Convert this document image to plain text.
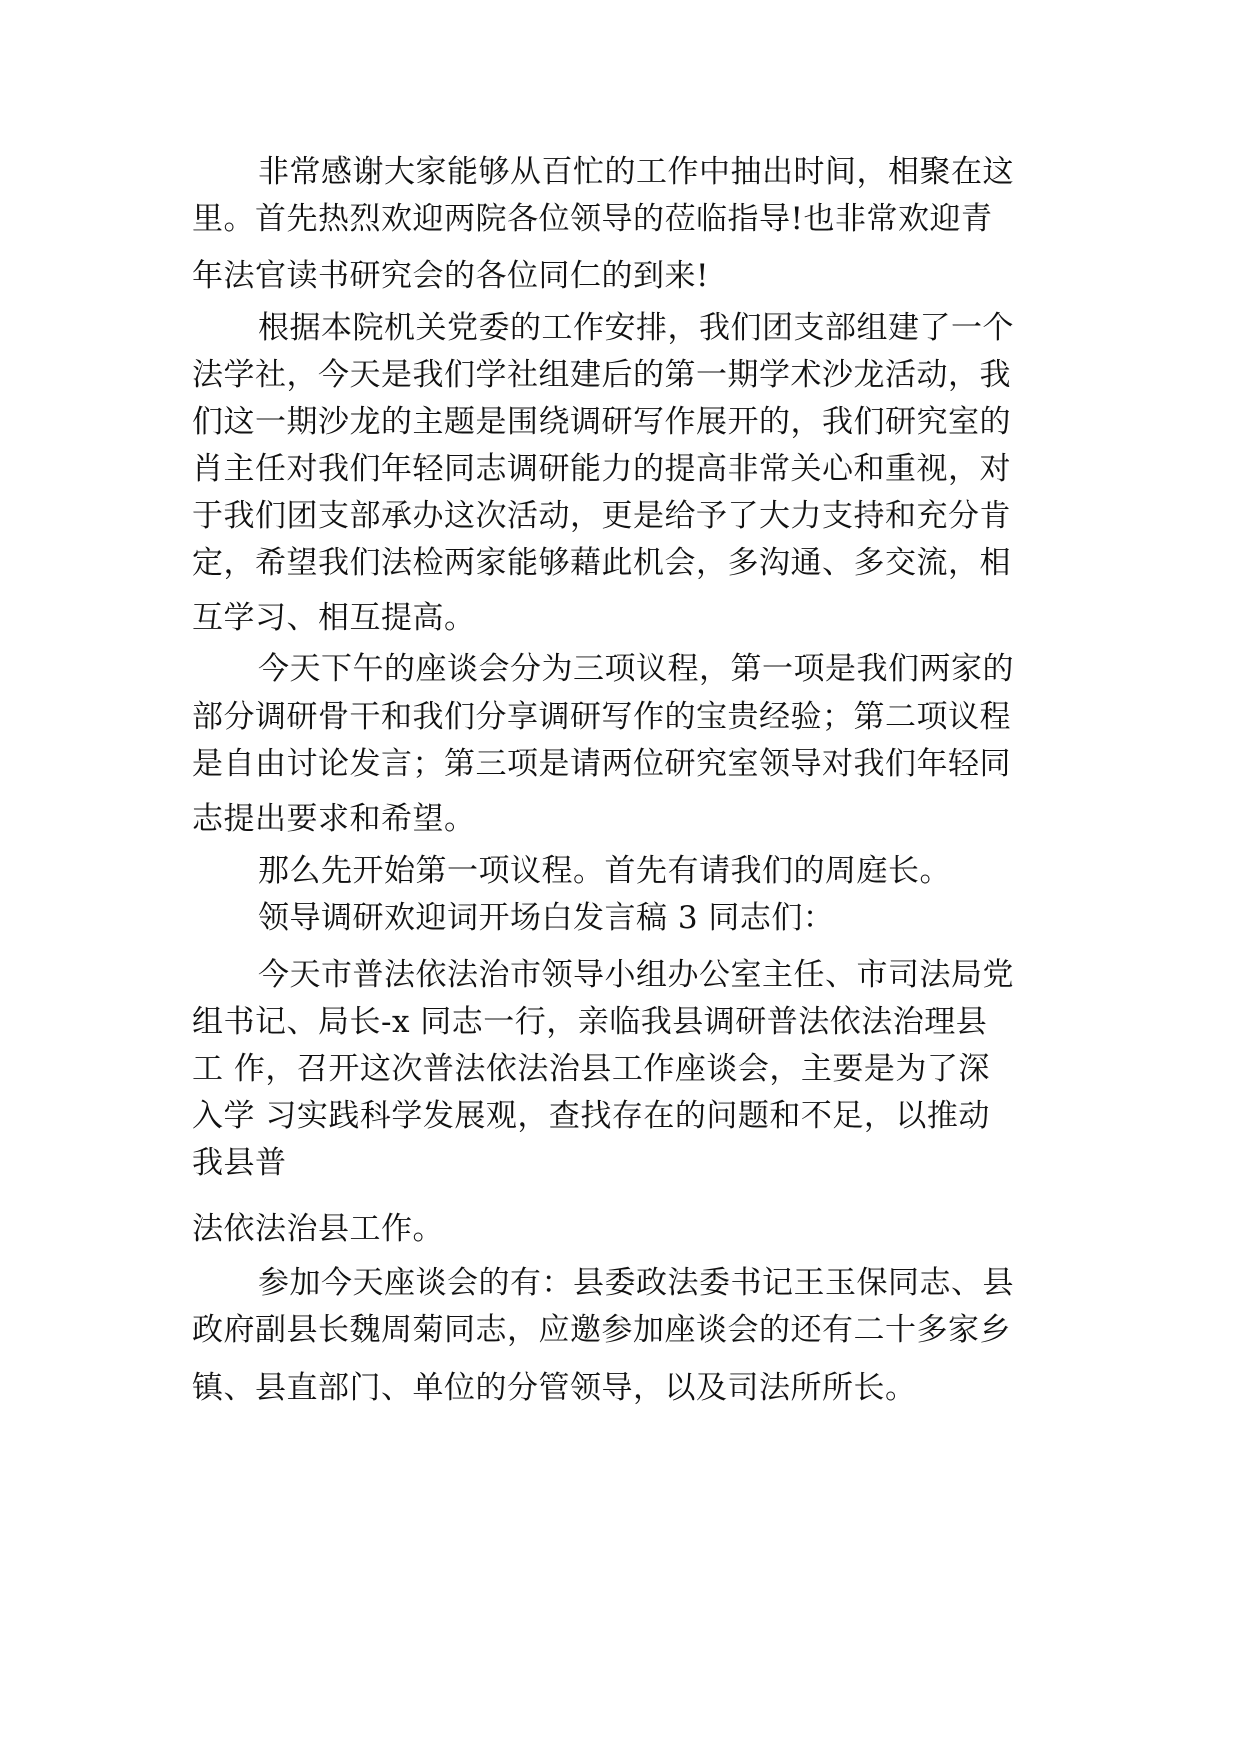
非常感谢大家能够从百忙的工作中抽出时间，相聚在这

里。首先热烈欢迎两院各位领导的莅临指导!也非常欢迎青

年法官读书研究会的各位同仁的到来!

根据本院机关党委的工作安排，我们团支部组建了一个

法学社，今天是我们学社组建后的第一期学术沙龙活动，我

们这一期沙龙的主题是围绕调研写作展开的，我们研究室的

肖主任对我们年轻同志调研能力的提高非常关心和重视，对

于我们团支部承办这次活动，更是给予了大力支持和充分肯

定，希望我们法检两家能够藉此机会，多沟通、多交流，相

互学习、相互提高。

今天下午的座谈会分为三项议程，第一项是我们两家的

部分调研骨干和我们分享调研写作的宝贵经验；第二项议程

是自由讨论发言；第三项是请两位研究室领导对我们年轻同

志提出要求和希望。

那么先开始第一项议程。首先有请我们的周庭长。

领导调研欢迎词开场白发言稿 3 同志们：

今天市普法依法治市领导小组办公室主任、市司法局党

组书记、局长-x 同志一行，亲临我县调研普法依法治理县

工 作，召开这次普法依法治县工作座谈会，主要是为了深

入学 习实践科学发展观，查找存在的问题和不足，以推动

我县普

法依法治县工作。

参加今天座谈会的有：县委政法委书记王玉保同志、县

政府副县长魏周菊同志，应邀参加座谈会的还有二十多家乡

镇、县直部门、单位的分管领导，以及司法所所长。
